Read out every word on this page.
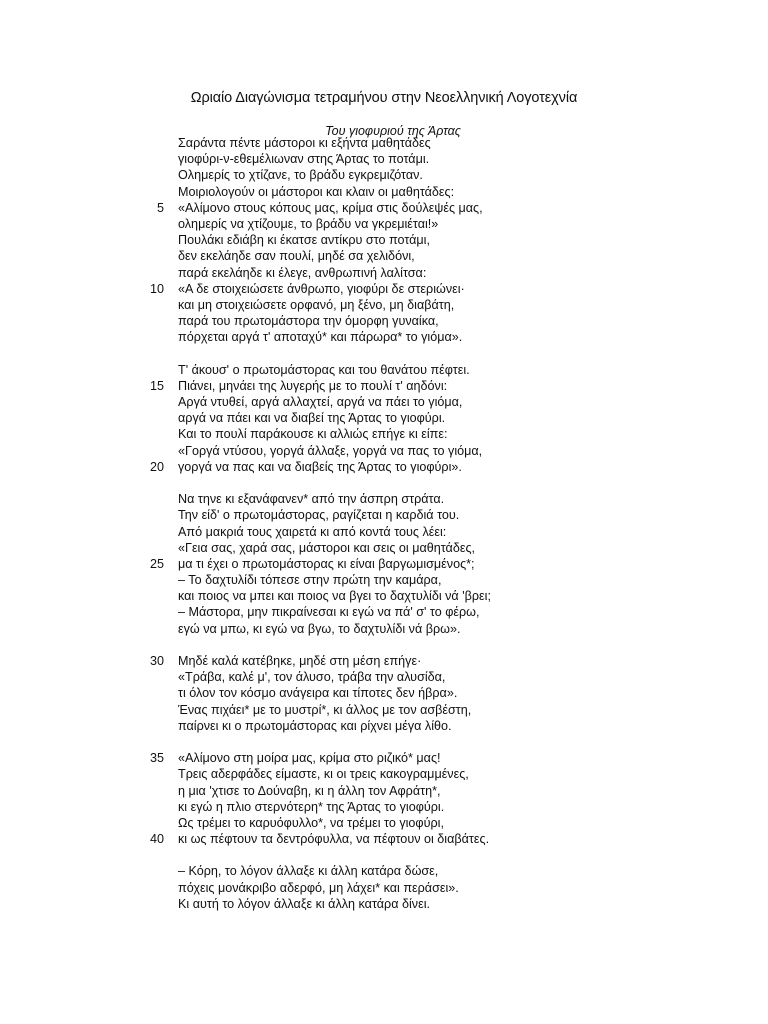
Ωριαίο Διαγώνισμα τετραμήνου στην Νεοελληνική Λογοτεχνία
Του γιοφυριού της Άρτας
Σαράντα πέντε μάστοροι κι εξήντα μαθητάδες
γιοφύρι-ν-εθεμέλιωναν στης Άρτας το ποτάμι.
Ολημερίς το χτίζανε, το βράδυ εγκρεμιζόταν.
Μοιριολογούν οι μάστοροι και κλαιν οι μαθητάδες:
5 «Αλίμονο στους κόπους μας, κρίμα στις δούλεψές μας,
ολημερίς να χτίζουμε, το βράδυ να γκρεμιέται!»
Πουλάκι εδιάβη κι έκατσε αντίκρυ στο ποτάμι,
δεν εκελάηδε σαν πουλί, μηδέ σα χελιδόνι,
παρά εκελάηδε κι έλεγε, ανθρωπινή λαλίτσα:
10 «Α δε στοιχειώσετε άνθρωπο, γιοφύρι δε στεριώνει·
και μη στοιχειώσετε ορφανό, μη ξένο, μη διαβάτη,
παρά του πρωτομάστορα την όμορφη γυναίκα,
πόρχεται αργά τ' αποταχύ* και πάρωρα* το γιόμα».
Τ' άκουσ' ο πρωτομάστορας και του θανάτου πέφτει.
15 Πιάνει, μηνάει της λυγερής με το πουλί τ' αηδόνι:
Αργά ντυθεί, αργά αλλαχτεί, αργά να πάει το γιόμα,
αργά να πάει και να διαβεί της Άρτας το γιοφύρι.
Και το πουλί παράκουσε κι αλλιώς επήγε κι είπε:
«Γοργά ντύσου, γοργά άλλαξε, γοργά να πας το γιόμα,
20 γοργά να πας και να διαβείς της Άρτας το γιοφύρι».
Να τηνε κι εξανάφανεν* από την άσπρη στράτα.
Την είδ' ο πρωτομάστορας, ραγίζεται η καρδιά του.
Από μακριά τους χαιρετά κι από κοντά τους λέει:
«Γεια σας, χαρά σας, μάστοροι και σεις οι μαθητάδες,
25 μα τι έχει ο πρωτομάστορας κι είναι βαργωμισμένος*;
– Το δαχτυλίδι τόπεσε στην πρώτη την καμάρα,
και ποιος να μπει και ποιος να βγει το δαχτυλίδι νά 'βρει;
– Μάστορα, μην πικραίνεσαι κι εγώ να πά' σ' το φέρω,
εγώ να μπω, κι εγώ να βγω, το δαχτυλίδι νά βρω».
30 Μηδέ καλά κατέβηκε, μηδέ στη μέση επήγε·
«Τράβα, καλέ μ', τον άλυσο, τράβα την αλυσίδα,
τι όλον τον κόσμο ανάγειρα και τίποτες δεν ήβρα».
Ένας πιχάει* με το μυστρί*, κι άλλος με τον ασβέστη,
παίρνει κι ο πρωτομάστορας και ρίχνει μέγα λίθο.
35 «Αλίμονο στη μοίρα μας, κρίμα στο ριζικό* μας!
Τρεις αδερφάδες είμαστε, κι οι τρεις κακογραμμένες,
η μια 'χτισε το Δούναβη, κι η άλλη τον Αφράτη*,
κι εγώ η πλιο στερνότερη* της Άρτας το γιοφύρι.
Ως τρέμει το καρυόφυλλο*, να τρέμει το γιοφύρι,
40 κι ως πέφτουν τα δεντρόφυλλα, να πέφτουν οι διαβάτες.
– Κόρη, το λόγον άλλαξε κι άλλη κατάρα δώσε,
πόχεις μονάκριβο αδερφό, μη λάχει* και περάσει».
Κι αυτή το λόγον άλλαξε κι άλλη κατάρα δίνει.
